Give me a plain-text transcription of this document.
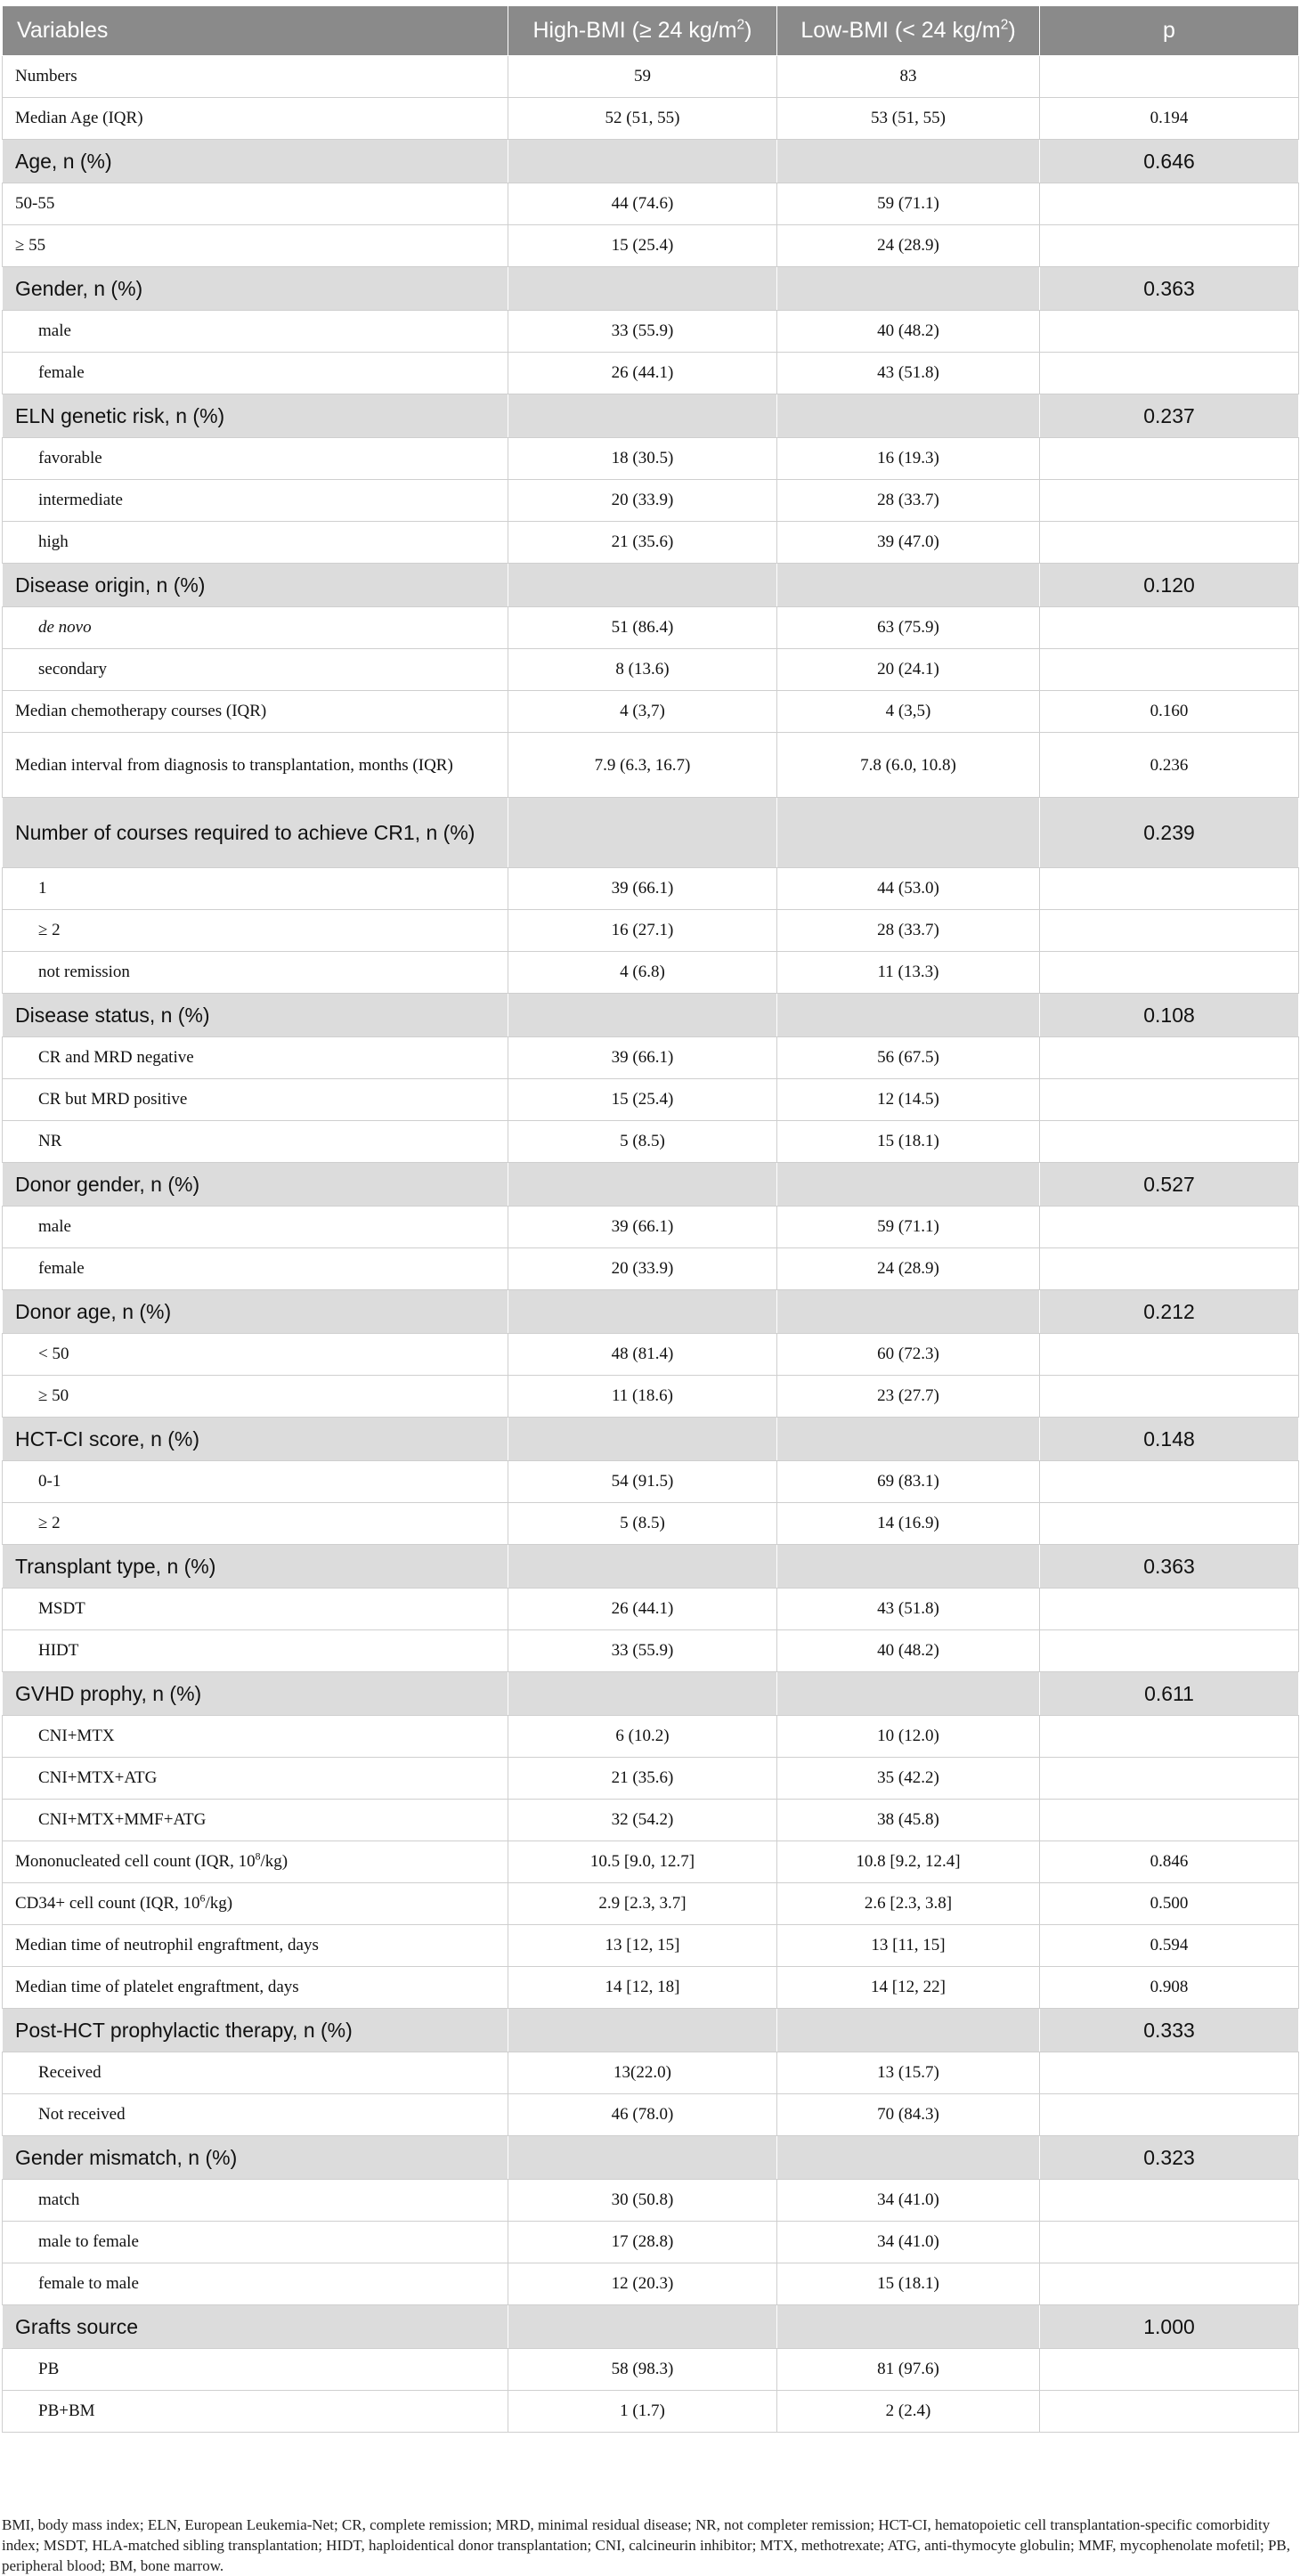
Variables	High-BMI (≥ 24 $kg/m^2$)	Low-BMI (< 24 $kg/m^2$)	p
Numbers	59	83	
Median Age (IQR)	52 (51, 55)	53 (51, 55)	0.194
Age, n (%)			0.646
50-55	44 (74.6)	59 (71.1)	
≥ 55	15 (25.4)	24 (28.9)	
Gender, n (%)			0.363
male	33 (55.9)	40 (48.2)	
female	26 (44.1)	43 (51.8)	
ELN genetic risk, n (%)			0.237
favorable	18 (30.5)	16 (19.3)	
intermediate	20 (33.9)	28 (33.7)	
high	21 (35.6)	39 (47.0)	
Disease origin, n (%)			0.120
de novo	51 (86.4)	63 (75.9)	
secondary	8 (13.6)	20 (24.1)	
Median chemotherapy courses (IQR)	4 (3,7)	4 (3,5)	0.160
Median interval from diagnosis to transplantation, months (IQR)	7.9 (6.3, 16.7)	7.8 (6.0, 10.8)	0.236
Number of courses required to achieve CR1, n (%)			0.239
1	39 (66.1)	44 (53.0)	
≥ 2	16 (27.1)	28 (33.7)	
not remission	4 (6.8)	11 (13.3)	
Disease status, n (%)			0.108
CR and MRD negative	39 (66.1)	56 (67.5)	
CR but MRD positive	15 (25.4)	12 (14.5)	
NR	5 (8.5)	15 (18.1)	
Donor gender, n (%)			0.527
male	39 (66.1)	59 (71.1)	
female	20 (33.9)	24 (28.9)	
Donor age, n (%)			0.212
< 50	48 (81.4)	60 (72.3)	
≥ 50	11 (18.6)	23 (27.7)	
HCT-CI score, n (%)			0.148
0-1	54 (91.5)	69 (83.1)	
≥ 2	5 (8.5)	14 (16.9)	
Transplant type, n (%)			0.363
MSDT	26 (44.1)	43 (51.8)	
HIDT	33 (55.9)	40 (48.2)	
GVHD prophy, n (%)			0.611
CNI+MTX	6 (10.2)	10 (12.0)	
CNI+MTX+ATG	21 (35.6)	35 (42.2)	
CNI+MTX+MMF+ATG	32 (54.2)	38 (45.8)	
Mononucleated cell count (IQR, $10^8/kg$)	10.5 [9.0, 12.7]	10.8 [9.2, 12.4]	0.846
CD34+ cell count (IQR, $10^6/kg$)	2.9 [2.3, 3.7]	2.6 [2.3, 3.8]	0.500
Median time of neutrophil engraftment, days	13 [12, 15]	13 [11, 15]	0.594
Median time of platelet engraftment, days	14 [12, 18]	14 [12, 22]	0.908
Post-HCT prophylactic therapy, n (%)			0.333
Received	13(22.0)	13 (15.7)	
Not received	46 (78.0)	70 (84.3)	
Gender mismatch, n (%)			0.323
match	30 (50.8)	34 (41.0)	
male to female	17 (28.8)	34 (41.0)	
female to male	12 (20.3)	15 (18.1)	
Grafts source			1.000
PB	58 (98.3)	81 (97.6)	
PB+BM	1 (1.7)	2 (2.4)	
BMI, body mass index; ELN, European Leukemia-Net; CR, complete remission; MRD, minimal residual disease; NR, not completer remission; HCT-CI, hematopoietic cell transplantation-specific comorbidity index; MSDT, HLA-matched sibling transplantation; HIDT, haploidentical donor transplantation; CNI, calcineurin inhibitor; MTX, methotrexate; ATG, anti-thymocyte globulin; MMF, mycophenolate mofetil; PB, peripheral blood; BM, bone marrow.
